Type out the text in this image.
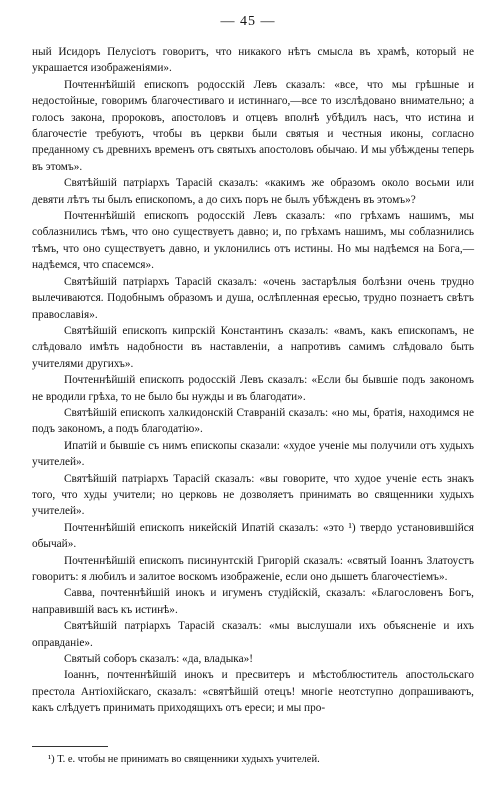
— 45 —

ный Исидоръ Пелусіотъ говоритъ, что никакого нѣтъ смысла въ храмѣ, который не украшается изображеніями».

Почтеннѣйшій епископъ родосскій Левъ сказалъ: «все, что мы грѣшные и недостойные, говоримъ благочестиваго и истиннаго,—все то изслѣдовано внимательно; а голосъ закона, пророковъ, апостоловъ и отцевъ вполнѣ убѣдилъ насъ, что истина и благочестіе требуютъ, чтобы въ церкви были святыя и честныя иконы, согласно преданному съ древнихъ временъ отъ святыхъ апостоловъ обычаю. И мы убѣждены теперь въ этомъ».

Святѣйшій патріархъ Тарасій сказалъ: «какимъ же образомъ около восьми или девяти лѣтъ ты былъ епископомъ, а до сихъ поръ не былъ убѣжденъ въ этомъ»?

Почтеннѣйшій епископъ родосскій Левъ сказалъ: «по грѣхамъ нашимъ, мы соблазнились тѣмъ, что оно существуетъ давно; и, по грѣхамъ нашимъ, мы соблазнились тѣмъ, что оно существуетъ давно, и уклонились отъ истины. Но мы надѣемся на Бога,—надѣемся, что спасемся».

Святѣйшій патріархъ Тарасій сказалъ: «очень застарѣлыя болѣзни очень трудно вылечиваются. Подобнымъ образомъ и душа, ослѣпленная ересью, трудно познаетъ свѣтъ православія».

Святѣйшій епископъ кипрскій Константинъ сказалъ: «вамъ, какъ епископамъ, не слѣдовало имѣть надобности въ наставленіи, а напротивъ самимъ слѣдовало быть учителями другихъ».

Почтеннѣйшій епископъ родосскій Левъ сказалъ: «Если бы бывшіе подъ закономъ не вродили грѣха, то не было бы нужды и въ благодати».

Святѣйшій епископъ халкидонскій Ставраній сказалъ: «но мы, братія, находимся не подъ закономъ, а подъ благодатію».

Ипатій и бывшіе съ нимъ епископы сказали: «худое ученіе мы получили отъ худыхъ учителей».

Святѣйшій патріархъ Тарасій сказалъ: «вы говорите, что худое ученіе есть знакъ того, что худы учители; но церковь не дозволяетъ принимать во священники худыхъ учителей».

Почтеннѣйшій епископъ никейскій Ипатій сказалъ: «это ¹) твердо установившійся обычай».

Почтеннѣйшій епископъ писинунтскій Григорій сказалъ: «святый Іоаннъ Златоустъ говоритъ: я любилъ и залитое воскомъ изображеніе, если оно дышетъ благочестіемъ».

Савва, почтеннѣйшій инокъ и игуменъ студійскій, сказалъ: «Благословенъ Богъ, направившій васъ къ истинѣ».

Святѣйшій патріархъ Тарасій сказалъ: «мы выслушали ихъ объясненіе и ихъ оправданіе».

Святый соборъ сказалъ: «да, владыка»!

Іоаннъ, почтеннѣйшій инокъ и пресвитеръ и мѣстоблюститель апостольскаго престола Антіохійскаго, сказалъ: «святѣйшій отецъ! многіе неотступно допрашиваютъ, какъ слѣдуетъ принимать приходящихъ отъ ереси; и мы про-

¹) Т. е. чтобы не принимать во священники худыхъ учителей.
